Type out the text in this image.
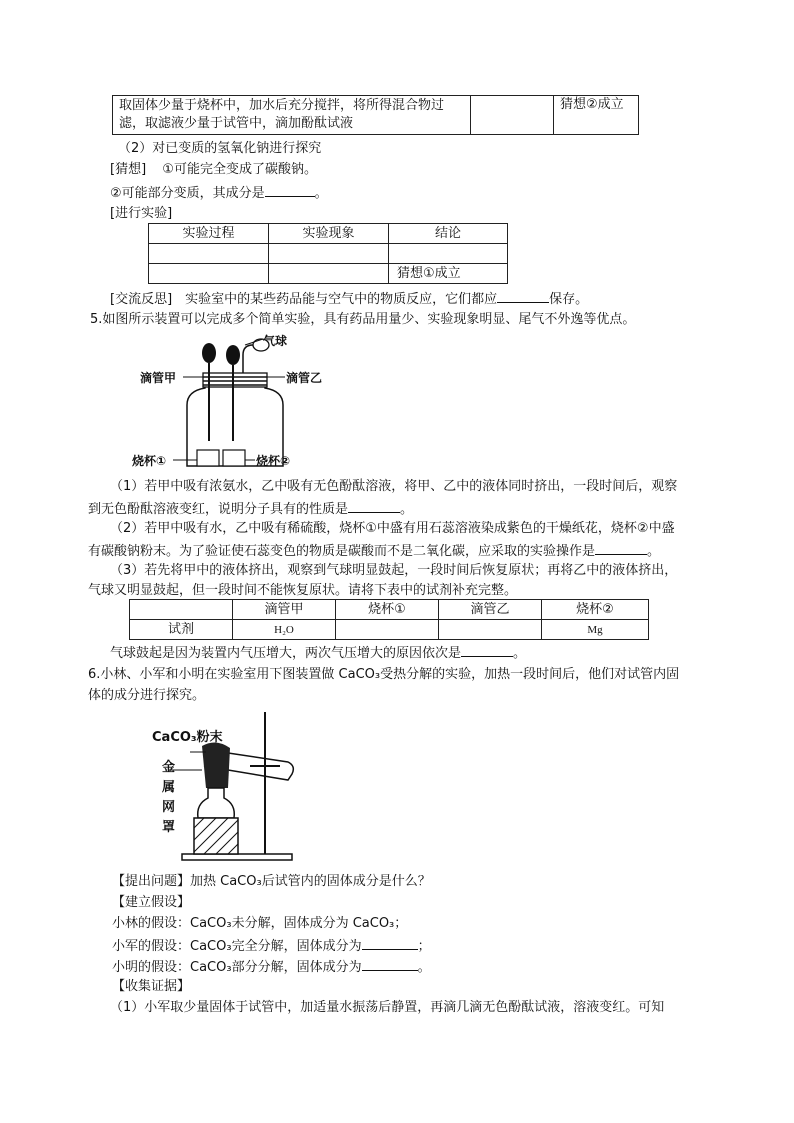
取固体少量于烧杯中，加水后充分搅拌，将所得混合物过
滤，取滤液少量于试管中，滴加酚酞试液
		猜想②成立
（2）对已变质的氢氧化钠进行探究
[猜想] ①可能完全变成了碳酸钠。
②可能部分变质，其成分是	。
[进行实验]
实验过程	实验现象	结论

		猜想①成立
[交流反思]　实验室中的某些药品能与空气中的物质反应，它们都应	保存。
5.如图所示装置可以完成多个简单实验，具有药品用量少、实验现象明显、尾气不外逸等优点。
气球
滴管甲	滴管乙
烧杯①	烧杯②
（1）若甲中吸有浓氨水，乙中吸有无色酚酞溶液，将甲、乙中的液体同时挤出，一段时间后，观察
到无色酚酞溶液变红，说明分子具有的性质是	。
（2）若甲中吸有水，乙中吸有稀硫酸，烧杯①中盛有用石蕊溶液染成紫色的干燥纸花，烧杯②中盛
有碳酸钠粉末。为了验证使石蕊变色的物质是碳酸而不是二氧化碳，应采取的实验操作是	。
（3）若先将甲中的液体挤出，观察到气球明显鼓起，一段时间后恢复原状；再将乙中的液体挤出，
气球又明显鼓起，但一段时间不能恢复原状。请将下表中的试剂补充完整。
	滴管甲	烧杯①	滴管乙	烧杯②
试剂	H₂O			Mg
气球鼓起是因为装置内气压增大，两次气压增大的原因依次是	。
6.小林、小军和小明在实验室用下图装置做 CaCO₃受热分解的实验，加热一段时间后，他们对试管内固
体的成分进行探究。
CaCO₃粉末
金
属
网
罩
【提出问题】加热 CaCO₃后试管内的固体成分是什么？
【建立假设】
小林的假设：CaCO₃未分解，固体成分为 CaCO₃；
小军的假设：CaCO₃完全分解，固体成分为	；
小明的假设：CaCO₃部分分解，固体成分为	。
【收集证据】
（1）小军取少量固体于试管中，加适量水振荡后静置，再滴几滴无色酚酞试液，溶液变红。可知
